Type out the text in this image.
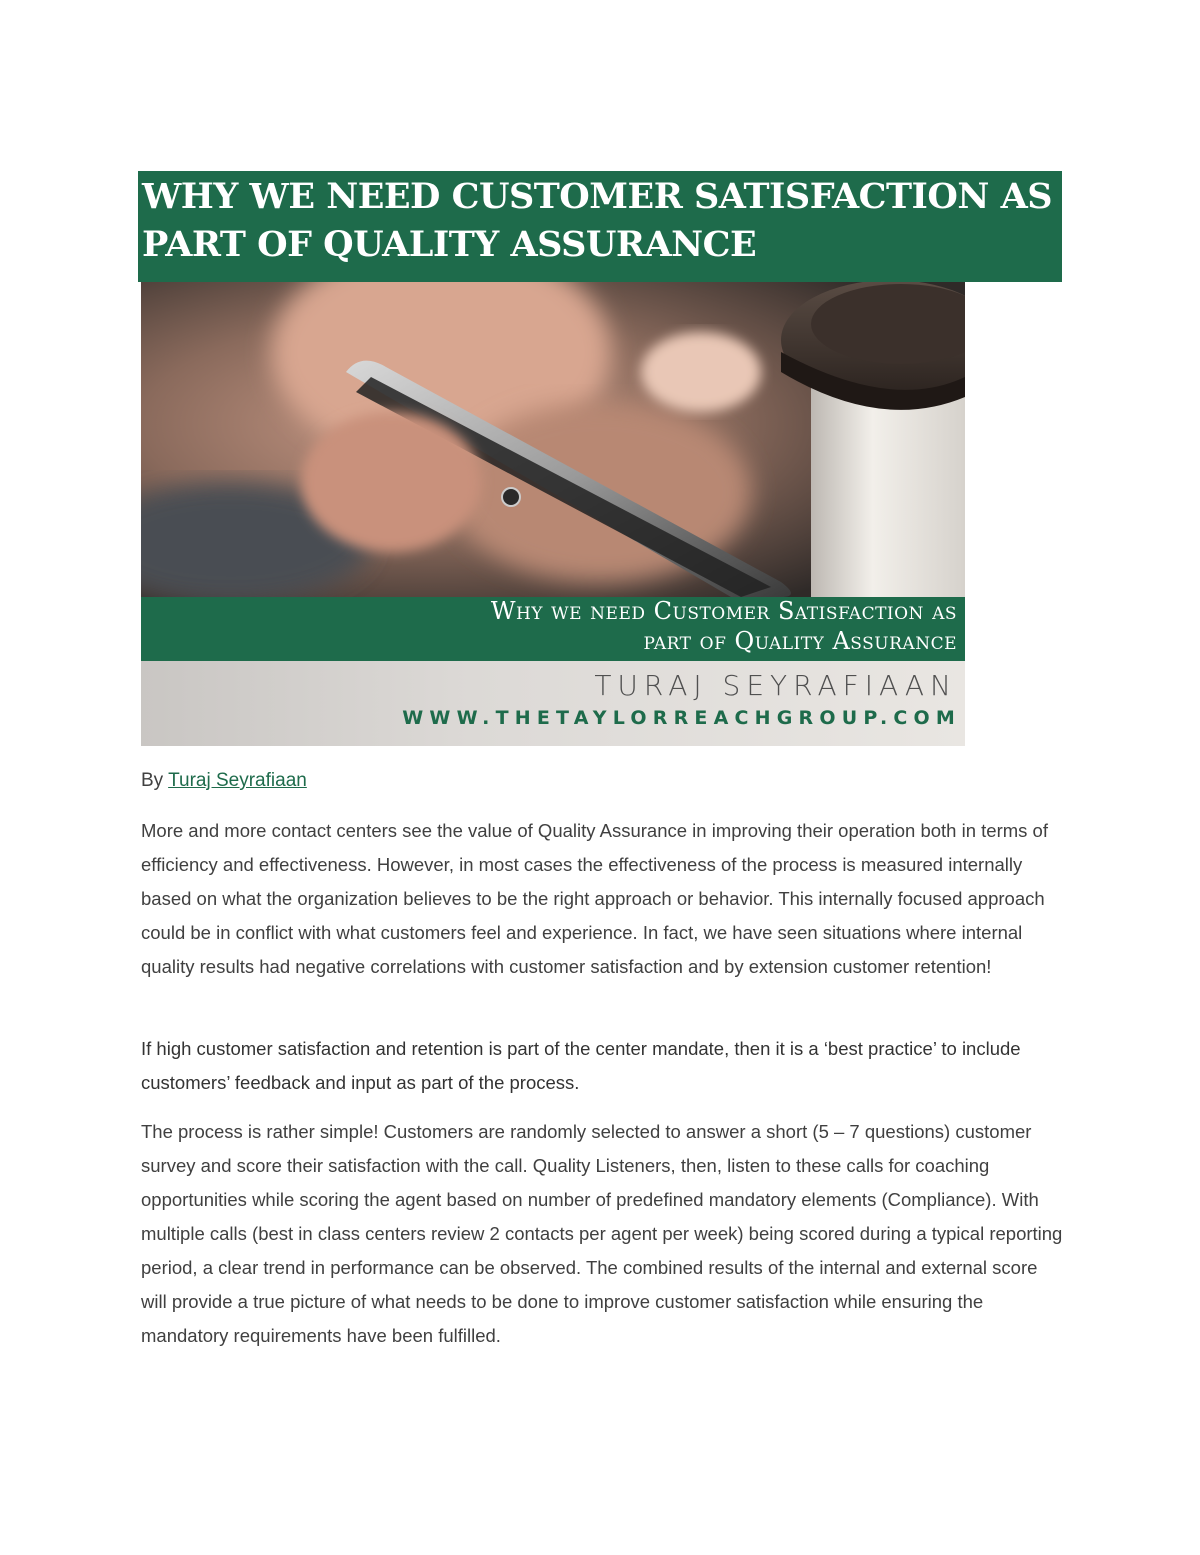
WHY WE NEED CUSTOMER SATISFACTION AS PART OF QUALITY ASSURANCE
Why we need Customer Satisfaction as
part of Quality Assurance
TURAJ SEYRAFIAAN
WWW.THETAYLORREACHGROUP.COM
By Turaj Seyrafiaan

More and more contact centers see the value of Quality Assurance in improving their operation both in terms of efficiency and effectiveness. However, in most cases the effectiveness of the process is measured internally based on what the organization believes to be the right approach or behavior. This internally focused approach could be in conflict with what customers feel and experience. In fact, we have seen situations where internal quality results had negative correlations with customer satisfaction and by extension customer retention!

If high customer satisfaction and retention is part of the center mandate, then it is a ‘best practice’ to include customers’ feedback and input as part of the process.

The process is rather simple! Customers are randomly selected to answer a short (5 – 7 questions) customer survey and score their satisfaction with the call. Quality Listeners, then, listen to these calls for coaching opportunities while scoring the agent based on number of predefined mandatory elements (Compliance). With multiple calls (best in class centers review 2 contacts per agent per week) being scored during a typical reporting period, a clear trend in performance can be observed. The combined results of the internal and external score will provide a true picture of what needs to be done to improve customer satisfaction while ensuring the mandatory requirements have been fulfilled.
